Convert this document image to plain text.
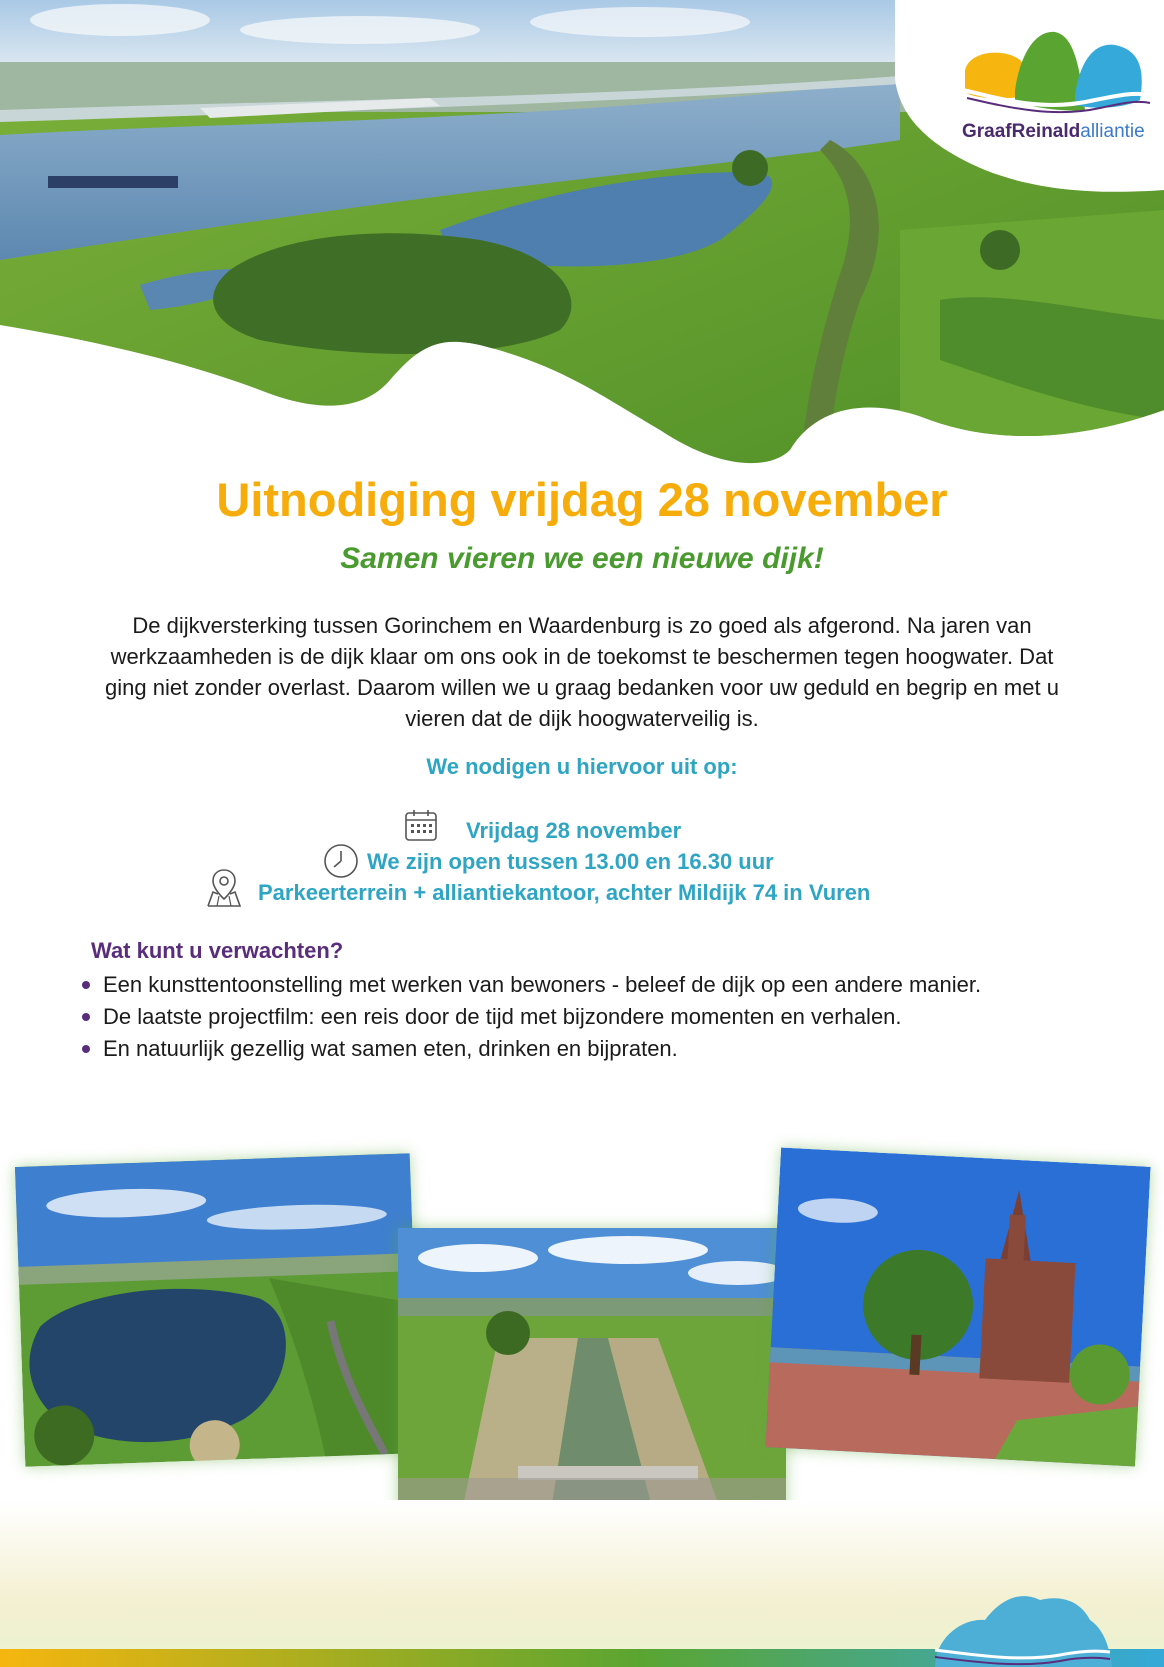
GraafReinaldalliantie
Uitnodiging vrijdag 28 november
Samen vieren we een nieuwe dijk!

De dijkversterking tussen Gorinchem en Waardenburg is zo goed als afgerond. Na jaren van werkzaamheden is de dijk klaar om ons ook in de toekomst te beschermen tegen hoogwater. Dat ging niet zonder overlast. Daarom willen we u graag bedanken voor uw geduld en begrip en met u vieren dat de dijk hoogwaterveilig is.

We nodigen u hiervoor uit op:

Vrijdag 28 november
We zijn open tussen 13.00 en 16.30 uur
Parkeerterrein + alliantiekantoor, achter Mildijk 74 in Vuren
Wat kunt u verwachten?
Een kunsttentoonstelling met werken van bewoners - beleef de dijk op een andere manier.
De laatste projectfilm: een reis door de tijd met bijzondere momenten en verhalen.
En natuurlijk gezellig wat samen eten, drinken en bijpraten.
